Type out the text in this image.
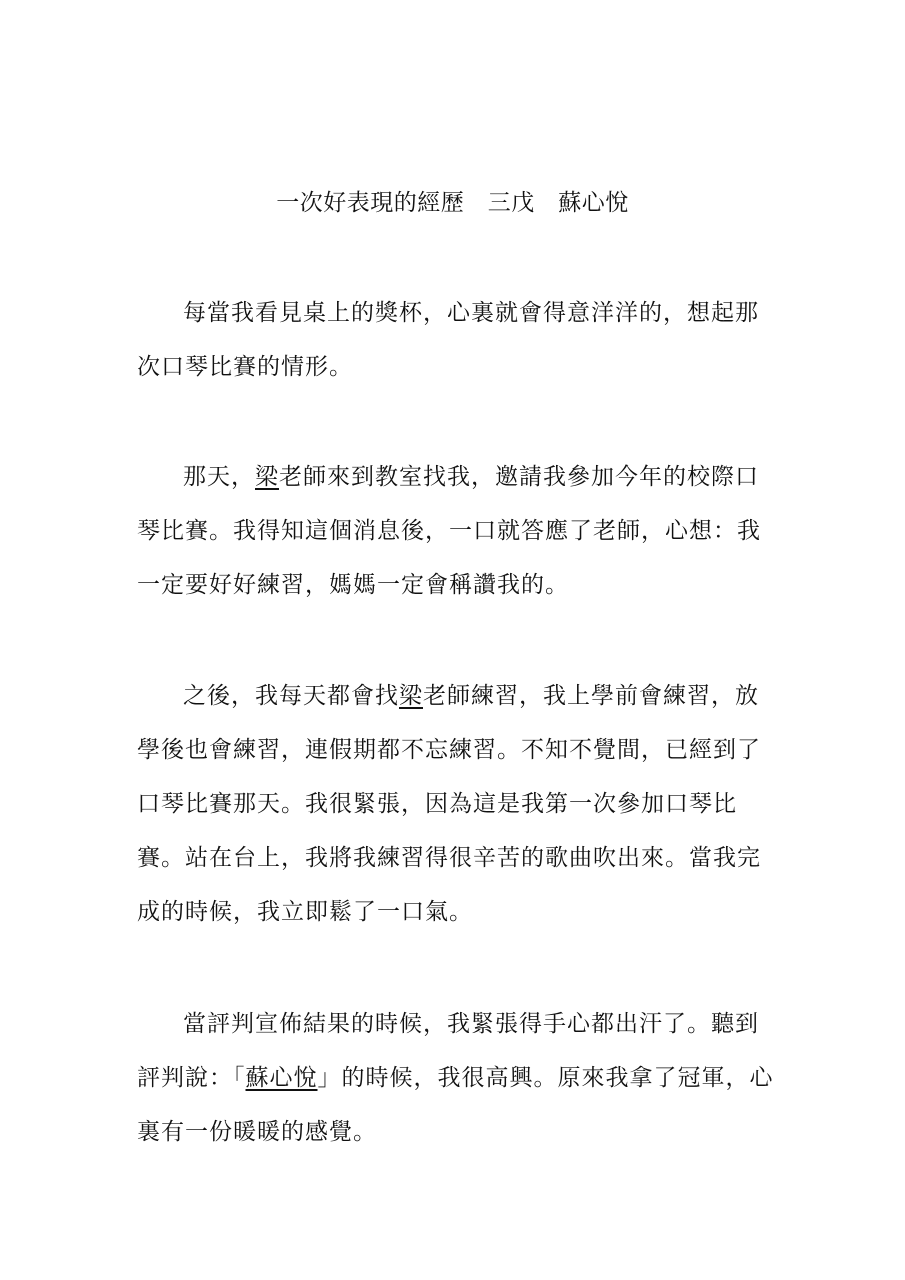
一次好表現的經歷　三戊　蘇心悅

每當我看見桌上的獎杯，心裏就會得意洋洋的，想起那次口琴比賽的情形。

那天，梁老師來到教室找我，邀請我參加今年的校際口琴比賽。我得知這個消息後，一口就答應了老師，心想：我一定要好好練習，媽媽一定會稱讚我的。

之後，我每天都會找梁老師練習，我上學前會練習，放學後也會練習，連假期都不忘練習。不知不覺間，已經到了口琴比賽那天。我很緊張，因為這是我第一次參加口琴比賽。站在台上，我將我練習得很辛苦的歌曲吹出來。當我完成的時候，我立即鬆了一口氣。

當評判宣佈結果的時候，我緊張得手心都出汗了。聽到評判說：「蘇心悅」的時候，我很高興。原來我拿了冠軍，心裏有一份暖暖的感覺。
